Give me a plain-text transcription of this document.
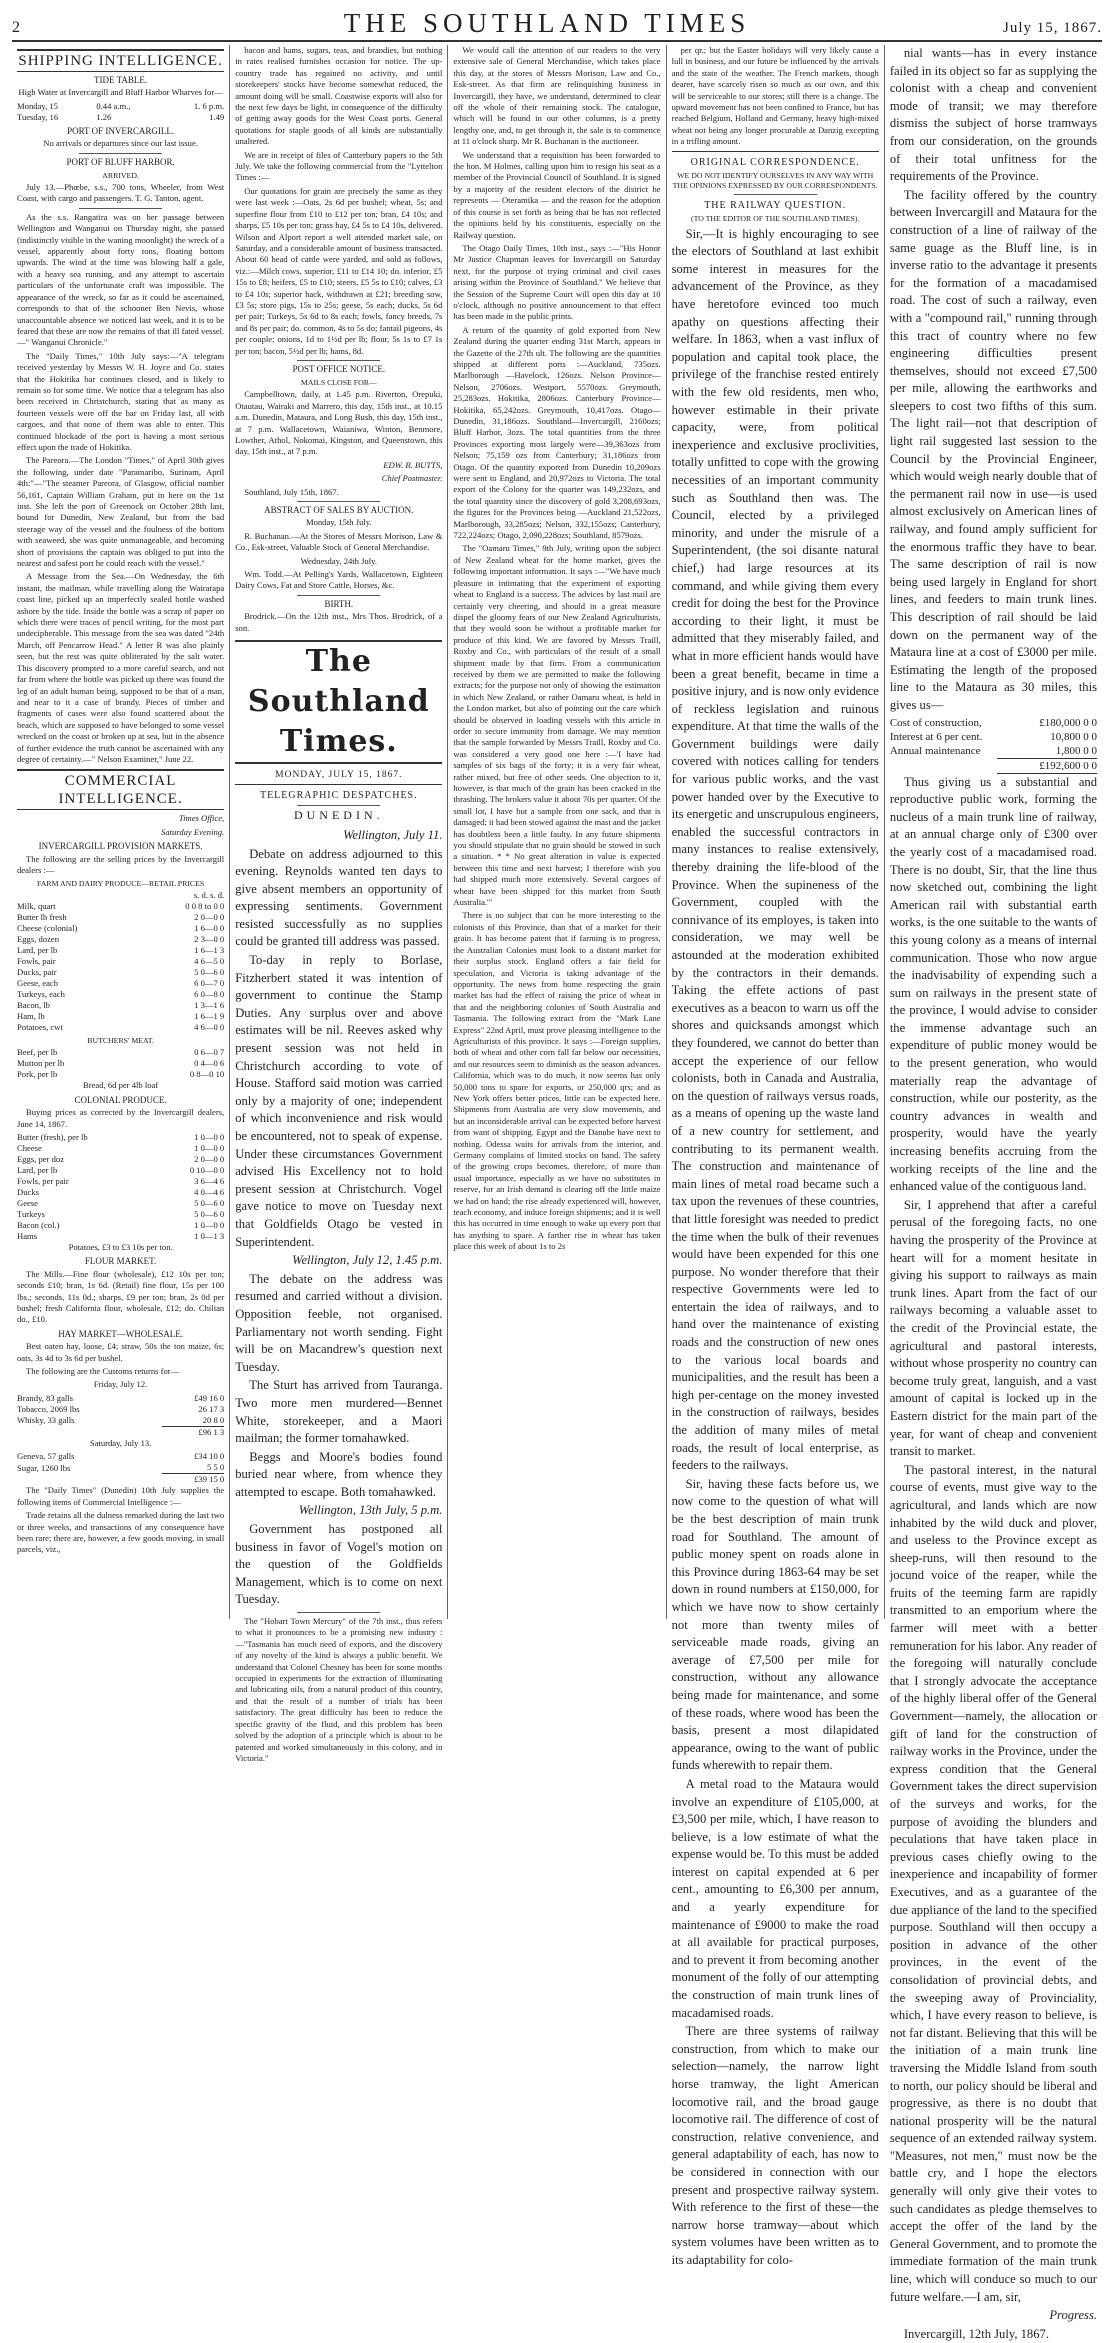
2	THE SOUTHLAND TIMES	July 15, 1867.
SHIPPING INTELLIGENCE.
TIDE TABLE.

High Water at Invercargill and Bluff Harbor Wharves for—

Monday, 15	0.44 a.m.,	1. 6 p.m.
Tuesday, 16	1.26	1.49
PORT OF INVERCARGILL.

No arrivals or departures since our last issue.

PORT OF BLUFF HARBOR.
ARRIVED.

July 13.—Phœbe, s.s., 700 tons, Wheeler, from West Coast, with cargo and passengers. T. G. Tanton, agent.

As the s.s. Rangatira was on her passage between Wellington and Wanganui on Thursday night, she passed (indistinctly visible in the waning moonlight) the wreck of a vessel, apparently about forty tons, floating bottom upwards. The wind at the time was blowing half a gale, with a heavy sea running, and any attempt to ascertain particulars of the unfortunate craft was impossible. The appearance of the wreck, so far as it could be ascertained, corresponds to that of the schooner Ben Nevis, whose unaccountable absence we noticed last week, and it is to be feared that these are now the remains of that ill fated vessel.—" Wanganui Chronicle."

The "Daily Times," 10th July says:—"A telegram received yesterday by Messrs W. H. Joyce and Co. states that the Hokitika bar continues closed, and is likely to remain so for some time. We notice that a telegram has also been received in Christchurch, stating that as many as fourteen vessels were off the bar on Friday last, all with cargoes, and that none of them was able to enter. This continued blockade of the port is having a most serious effect upon the trade of Hokitika.

The Pareora.—The London "Times," of April 30th gives the following, under date "Paramaribo, Surinam, April 4th:"—"The steamer Pareora, of Glasgow, official number 56,161, Captain William Graham, put in here on the 1st inst. She left the port of Greenock on October 28th last, bound for Dunedin, New Zealand, but from the bad steerage way of the vessel and the foulness of the bottom with seaweed, she was quite unmanageable, and becoming short of provisions the captain was obliged to put into the nearest and safest port he could reach with the vessel."

A Message from the Sea.—On Wednesday, the 6th instant, the mailman, while travelling along the Wairarapa coast line, picked up an imperfectly sealed bottle washed ashore by the tide. Inside the bottle was a scrap of paper on which there were traces of pencil writing, for the most part undecipherable. This message from the sea was dated "24th March, off Pencarrow Head." A letter R was also plainly seen, but the rest was quite obliterated by the salt water. This discovery prompted to a more careful search, and not far from where the bottle was picked up there was found the leg of an adult human being, supposed to be that of a man, and near to it a case of brandy. Pieces of timber and fragments of cases were also found scattered about the beach, which are supposed to have belonged to some vessel wrecked on the coast or broken up at sea, but in the absence of further evidence the truth cannot be ascertained with any degree of certainty.—" Nelson Examiner," June 22.

COMMERCIAL INTELLIGENCE.

Times Office,

Saturday Evening.

INVERCARGILL PROVISION MARKETS.

The following are the selling prices by the Invercargill dealers :—

FARM AND DAIRY PRODUCE—RETAIL PRICES
	s. d. s. d.
Milk, quart	0 0 8 to 0 0
Butter lb fresh	2 0—0 0
Cheese (colonial)	1 6—0 0
Eggs, dozen	2 3—0 0
Lard, per lb	1 6—1 3
Fowls, pair	4 6—5 0
Ducks, pair	5 0—6 0
Geese, each	6 0—7 0
Turkeys, each	6 0—8 0
Bacon, lb	1 3—1 6
Ham, lb	1 6—1 9
Potatoes, cwt	4 6—0 0
BUTCHERS' MEAT.
Beef, per lb	0 6—0 7
Mutton per lb	0 4—0 6
Pork, per lb	0 8—0 10

Bread, 6d per 4lb loaf

COLONIAL PRODUCE.

Buying prices as corrected by the Invercargill dealers, June 14, 1867.

Butter (fresh), per lb	1 0—0 0
Cheese	1 0—0 0
Eggs, per doz	2 0—0 0
Lard, per lb	0 10—0 0
Fowls, per pair	3 6—4 6
Ducks	4 0—4 6
Geese	5 0—6 0
Turkeys	5 0—6 0
Bacon (col.)	1 0—0 0
Hams	1 0—1 3

Potatoes, £3 to £3 10s per ton.

FLOUR MARKET.

The Mills.—Fine flour (wholesale), £12 10s per ton; seconds £10; bran, 1s 6d. (Retail) fine flour, 15s per 100 lbs.; seconds, 11s 0d.; sharps, £9 per ton; bran, 2s 0d per bushel; fresh California flour, wholesale, £12; do. Chilian do., £10.

HAY MARKET—WHOLESALE.

Best oaten hay, loose, £4; straw, 50s the ton maize, 6s; oats, 3s 4d to 3s 6d per bushel.

The following are the Customs returns for—

Friday, July 12.

Brandy, 83 galls	£49 16 0
Tobacco, 2069 lbs	26 17 3
Whisky, 33 galls	20 8 0
	£96 1 3

Saturday, July 13.

Geneva, 57 galls	£34 10 0
Sugar, 1260 lbs	5 5 0
	£39 15 0

The "Daily Times" (Dunedin) 10th July supplies the following items of Commercial Intelligence :—

Trade retains all the dulness remarked during the last two or three weeks, and transactions of any consequence have been rare; there are, however, a few goods moving, in small parcels, viz.,

bacon and hams, sugars, teas, and brandies, but nothing in rates realised furnishes occasion for notice. The up-country trade has regained no activity, and until storekeepers' stocks have become somewhat reduced, the amount doing will be small. Coastwise exports will also for the next few days be light, in consequence of the difficulty of getting away goods for the West Coast ports. General quotations for staple goods of all kinds are substantially unaltered.

We are in receipt of files of Canterbury papers to the 5th July. We take the following commercial from the "Lyttelton Times :—

Our quotations for grain are precisely the same as they were last week :—Oats, 2s 6d per bushel; wheat, 5s; and superfine flour from £10 to £12 per ton; bran, £4 10s; and sharps, £5 10s per ton; grass hay, £4 5s to £4 10s, delivered. Wilson and Alport report a well attended market sale, on Saturday, and a considerable amount of business transacted. About 60 head of cattle were yarded, and sold as follows, viz.:—Milch cows, superior, £11 to £14 10; do. inferior, £5 15s to £8; heifers, £5 to £10; steers, £5 5s to £10; calves, £3 to £4 10s; superior hack, withdrawn at £21; breeding sow, £3 5s; store pigs, 15s to 25s; geese, 5s each; ducks, 5s 6d per pair; Turkeys, 5s 6d to 8s each; fowls, fancy breeds, 7s and 8s per pair; do. common, 4s to 5s do; fantail pigeons, 4s per couple; onions, 1d to 1½d per lb; flour, 5s 1s to £7 1s per ton; bacon, 5½d per lb; hams, 8d.

POST OFFICE NOTICE.
MAILS CLOSE FOR—

Campbelltown, daily, at 1.45 p.m. Riverton, Orepuki, Otautau, Wairaki and Marrero, this day, 15th inst., at 10.15 a.m. Dunedin, Mataura, and Long Bush, this day, 15th inst., at 7 p.m. Wallacetown, Waianiwa, Winton, Benmore, Lowther, Athol, Nokomai, Kingston, and Queenstown, this day, 15th inst., at 7 p.m.

EDW. B. BUTTS,

Chief Postmaster.

Southland, July 15th, 1867.

ABSTRACT OF SALES BY AUCTION.

Monday, 15th July.

R. Buchanan.—At the Stores of Messrs Morison, Law & Co., Esk-street, Valuable Stock of General Merchandise.

Wednesday, 24th July.

Wm. Todd.—At Pelling's Yards, Wallacetown, Eighteen Dairy Cows, Fat and Store Cattle, Horses, &c.

BIRTH.

Brodrick.—On the 12th inst., Mrs Thos. Brodrick, of a son.

The Southland Times.
MONDAY, JULY 15, 1867.
TELEGRAPHIC DESPATCHES.
DUNEDIN.

Wellington, July 11.

Debate on address adjourned to this evening. Reynolds wanted ten days to give absent members an opportunity of expressing sentiments. Government resisted successfully as no supplies could be granted till address was passed.

To-day in reply to Borlase, Fitzherbert stated it was intention of government to continue the Stamp Duties. Any surplus over and above estimates will be nil. Reeves asked why present session was not held in Christchurch according to vote of House. Stafford said motion was carried only by a majority of one; independent of which inconvenience and risk would be encountered, not to speak of expense. Under these circumstances Government advised His Excellency not to hold present session at Christchurch. Vogel gave notice to move on Tuesday next that Goldfields Otago be vested in Superintendent.

Wellington, July 12, 1.45 p.m.

The debate on the address was resumed and carried without a division. Opposition feeble, not organised. Parliamentary not worth sending. Fight will be on Macandrew's question next Tuesday.

The Sturt has arrived from Tauranga. Two more men murdered—Bennet White, storekeeper, and a Maori mailman; the former tomahawked.

Beggs and Moore's bodies found buried near where, from whence they attempted to escape. Both tomahawked.

Wellington, 13th July, 5 p.m.

Government has postponed all business in favor of Vogel's motion on the question of the Goldfields Management, which is to come on next Tuesday.

The "Hobart Town Mercury" of the 7th inst., thus refers to what it pronounces to be a promising new industry :—"Tasmania has much need of exports, and the discovery of any novelty of the kind is always a public benefit. We understand that Colonel Chesney has been for some months occupied in experiments for the extraction of illuminating and lubricating oils, from a natural product of this country, and that the result of a number of trials has been satisfactory. The great difficulty has been to reduce the specific gravity of the fluid, and this problem has been solved by the adoption of a principle which is about to be patented and worked simultaneously in this colony, and in Victoria."

We would call the attention of our readers to the very extensive sale of General Merchandise, which takes place this day, at the stores of Messrs Morison, Law and Co., Esk-street. As that firm are relinquishing business in Invercargill, they have, we understand, determined to clear off the whole of their remaining stock. The catalogue, which will be found in our other columns, is a pretty lengthy one, and, to get through it, the sale is to commence at 11 o'clock sharp. Mr R. Buchanan is the auctioneer.

We understand that a requisition has been forwarded to the hon. M Holmes, calling upon him to resign his seat as a member of the Provincial Council of Southland. It is signed by a majority of the resident electors of the district he represents — Oteramika — and the reason for the adoption of this course is set forth as being that he has not reflected the opinions held by his constituents, especially on the Railway question.

The Otago Daily Times, 10th inst., says :—"His Honor Mr Justice Chapman leaves for Invercargill on Saturday next, for the purpose of trying criminal and civil cases arising within the Province of Southland." We believe that the Session of the Supreme Court will open this day at 10 o'clock, although no positive announcement to that effect has been made in the public prints.

A return of the quantity of gold exported from New Zealand during the quarter ending 31st March, appears in the Gazette of the 27th ult. The following are the quantities shipped at different ports :—Auckland, 735ozs. Marlborough —Havelock, 126ozs. Nelson Province—Nelson, 2706ozs. Westport, 5570ozs. Greymouth, 25,283ozs. Hokitika, 2806ozs. Canterbury Province—Hokitika, 65,242ozs. Greymouth, 10,417ozs. Otago—Dunedin, 31,186ozs. Southland—Invercargill, 2160ozs; Bluff Harbor, 3ozs. The total quantities from the three Provinces exporting most largely were—39,363ozs from Nelson; 75,159 ozs from Canterbury; 31,186ozs from Otago. Of the quantity exported from Dunedin 10,209ozs were sent to England, and 20,972ozs to Victoria. The total export of the Colony for the quarter was 149,232ozs, and the total quantity since the discovery of gold 3,208,693ozs, the figures for the Provinces being —Auckland 21,522ozs, Marlborough, 33,285ozs; Nelson, 332,155ozs; Canterbury, 722,224ozs; Otago, 2,090,228ozs; Southland, 8579ozs.

The "Oamaru Times," 9th July, writing upon the subject of New Zealand wheat for the home market, gives the following important information. It says :—"We have much pleasure in intimating that the experiment of exporting wheat to England is a success. The advices by last mail are certainly very cheering, and should in a great measure dispel the gloomy fears of our New Zealand Agriculturists, that they would soon be without a profitable market for produce of this kind. We are favored by Messrs Traill, Roxby and Co., with particulars of the result of a small shipment made by that firm. From a communication received by them we are permitted to make the following extracts; for the purpose not only of showing the estimation in which New Zealand, or rather Oamaru wheat, is held in the London market, but also of pointing out the care which should be observed in loading vessels with this article in order to secure immunity from damage. We may mention that the sample forwarded by Messrs Traill, Roxby and Co. was considered a very good one here :—'I have had samples of six bags of the forty; it is a very fair wheat, rather mixed, but free of other seeds. One objection to it, however, is that much of the grain has been cracked in the thrashing. The brokers value it about 70s per quarter. Of the small lot, I have but a sample from one sack, and that is damaged; it had been stowed against the mast and the jacket has doubtless been a little faulty. In any future shipments you should stipulate that no grain should be stowed in such a situation. * * No great alteration in value is expected between this time and next harvest; I therefore wish you had shipped much more extensively. Several cargoes of wheat have been shipped for this market from South Australia.'"

There is no subject that can be more interesting to the colonists of this Province, than that of a market for their grain. It has become patent that if farming is to progress, the Australian Colonies must look to a distant market for their surplus stock. England offers a fair field for speculation, and Victoria is taking advantage of the opportunity. The news from home respecting the grain market has had the effect of raising the price of wheat in that and the neighboring colonies of South Australia and Tasmania. The following extract from the "Mark Lane Express" 22nd April, must prove pleasing intelligence to the Agriculturists of this province. It says :—Foreign supplies, both of wheat and other corn fall far below our necessities, and our resources seem to diminish as the season advances. California, which was to do much, it now seems has only 50,000 tons to spare for exports, or 250,000 qrs; and as New York offers better prices, little can be expected here. Shipments from Australia are very slow movements, and but an inconsiderable arrival can be expected before harvest from want of shipping. Egypt and the Danube have next to nothing. Odessa waits for arrivals from the interior, and Germany complains of limited stocks on hand. The safety of the growing crops becomes, therefore, of more than usual importance, especially as we have no substitutes in reserve, for an Irish demand is clearing off the little maize we had on hand; the rise already experienced will, however, teach economy, and induce foreign shipments; and it is well this has occurred in time enough to wake up every port that has anything to spare. A farther rise in wheat has taken place this week of about 1s to 2s

per qr.; but the Easter holidays will very likely cause a lull in business, and our future be influenced by the arrivals and the state of the weather. The French markets, though dearer, have scarcely risen so much as our own, and this will be serviceable to our stores; still there is a change. The upward movement has not been confined to France, but has reached Belgium, Holland and Germany, heavy high-mixed wheat not being any longer procurable at Danzig excepting in a trifling amount.

ORIGINAL CORRESPONDENCE.

WE DO NOT IDENTIFY OURSELVES IN ANY WAY WITH THE OPINIONS EXPRESSED BY OUR CORRESPONDENTS.

THE RAILWAY QUESTION.

(TO THE EDITOR OF THE SOUTHLAND TIMES).

Sir,—It is highly encouraging to see the electors of Southland at last exhibit some interest in measures for the advancement of the Province, as they have heretofore evinced too much apathy on questions affecting their welfare. In 1863, when a vast influx of population and capital took place, the privilege of the franchise rested entirely with the few old residents, men who, however estimable in their private capacity, were, from political inexperience and exclusive proclivities, totally unfitted to cope with the growing necessities of an important community such as Southland then was. The Council, elected by a privileged minority, and under the misrule of a Superintendent, (the soi disante natural chief,) had large resources at its command, and while giving them every credit for doing the best for the Province according to their light, it must be admitted that they miserably failed, and what in more efficient hands would have been a great benefit, became in time a positive injury, and is now only evidence of reckless legislation and ruinous expenditure. At that time the walls of the Government buildings were daily covered with notices calling for tenders for various public works, and the vast power handed over by the Executive to its energetic and unscrupulous engineers, enabled the successful contractors in many instances to realise extensively, thereby draining the life-blood of the Province. When the supineness of the Government, coupled with the connivance of its employes, is taken into consideration, we may well be astounded at the moderation exhibited by the contractors in their demands. Taking the effete actions of past executives as a beacon to warn us off the shores and quicksands amongst which they foundered, we cannot do better than accept the experience of our fellow colonists, both in Canada and Australia, on the question of railways versus roads, as a means of opening up the waste land of a new country for settlement, and contributing to its permanent wealth. The construction and maintenance of main lines of metal road became such a tax upon the revenues of these countries, that little foresight was needed to predict the time when the bulk of their revenues would have been expended for this one purpose. No wonder therefore that their respective Governments were led to entertain the idea of railways, and to hand over the maintenance of existing roads and the construction of new ones to the various local boards and municipalities, and the result has been a high per-centage on the money invested in the construction of railways, besides the addition of many miles of metal roads, the result of local enterprise, as feeders to the railways.

Sir, having these facts before us, we now come to the question of what will be the best description of main trunk road for Southland. The amount of public money spent on roads alone in this Province during 1863-64 may be set down in round numbers at £150,000, for which we have now to show certainly not more than twenty miles of serviceable made roads, giving an average of £7,500 per mile for construction, without any allowance being made for maintenance, and some of these roads, where wood has been the basis, present a most dilapidated appearance, owing to the want of public funds wherewith to repair them.

A metal road to the Mataura would involve an expenditure of £105,000, at £3,500 per mile, which, I have reason to believe, is a low estimate of what the expense would be. To this must be added interest on capital expended at 6 per cent., amounting to £6,300 per annum, and a yearly expenditure for maintenance of £9000 to make the road at all available for practical purposes, and to prevent it from becoming another monument of the folly of our attempting the construction of main trunk lines of macadamised roads.

There are three systems of railway construction, from which to make our selection—namely, the narrow light horse tramway, the light American locomotive rail, and the broad gauge locomotive rail. The difference of cost of construction, relative convenience, and general adaptability of each, has now to be considered in connection with our present and prospective railway system. With reference to the first of these—the narrow horse tramway—about which system volumes have been written as to its adaptability for colo-

nial wants—has in every instance failed in its object so far as supplying the colonist with a cheap and convenient mode of transit; we may therefore dismiss the subject of horse tramways from our consideration, on the grounds of their total unfitness for the requirements of the Province.

The facility offered by the country between Invercargill and Mataura for the construction of a line of railway of the same guage as the Bluff line, is in inverse ratio to the advantage it presents for the formation of a macadamised road. The cost of such a railway, even with a "compound rail," running through this tract of country where no few engineering difficulties present themselves, should not exceed £7,500 per mile, allowing the earthworks and sleepers to cost two fifths of this sum. The light rail—not that description of light rail suggested last session to the Council by the Provincial Engineer, which would weigh nearly double that of the permanent rail now in use—is used almost exclusively on American lines of railway, and found amply sufficient for the enormous traffic they have to bear. The same description of rail is now being used largely in England for short lines, and feeders to main trunk lines. This description of rail should be laid down on the permanent way of the Mataura line at a cost of £3000 per mile. Estimating the length of the proposed line to the Mataura as 30 miles, this gives us—

Cost of construction,	£180,000 0 0
Interest at 6 per cent.	10,800 0 0
Annual maintenance	1,800 0 0
	£192,600 0 0

Thus giving us a substantial and reproductive public work, forming the nucleus of a main trunk line of railway, at an annual charge only of £300 over the yearly cost of a macadamised road. There is no doubt, Sir, that the line thus now sketched out, combining the light American rail with substantial earth works, is the one suitable to the wants of this young colony as a means of internal communication. Those who now argue the inadvisability of expending such a sum on railways in the present state of the province, I would advise to consider the immense advantage such an expenditure of public money would be to the present generation, who would materially reap the advantage of construction, while our posterity, as the country advances in wealth and prosperity, would have the yearly increasing benefits accruing from the working receipts of the line and the enhanced value of the contiguous land.

Sir, I apprehend that after a careful perusal of the foregoing facts, no one having the prosperity of the Province at heart will for a moment hesitate in giving his support to railways as main trunk lines. Apart from the fact of our railways becoming a valuable asset to the credit of the Provincial estate, the agricultural and pastoral interests, without whose prosperity no country can become truly great, languish, and a vast amount of capital is locked up in the Eastern district for the main part of the year, for want of cheap and convenient transit to market.

The pastoral interest, in the natural course of events, must give way to the agricultural, and lands which are now inhabited by the wild duck and plover, and useless to the Province except as sheep-runs, will then resound to the jocund voice of the reaper, while the fruits of the teeming farm are rapidly transmitted to an emporium where the farmer will meet with a better remuneration for his labor. Any reader of the foregoing will naturally conclude that I strongly advocate the acceptance of the highly liberal offer of the General Government—namely, the allocation or gift of land for the construction of railway works in the Province, under the express condition that the General Government takes the direct supervision of the surveys and works, for the purpose of avoiding the blunders and peculations that have taken place in previous cases chiefly owing to the inexperience and incapability of former Executives, and as a guarantee of the due appliance of the land to the specified purpose. Southland will then occupy a position in advance of the other provinces, in the event of the consolidation of provincial debts, and the sweeping away of Provinciality, which, I have every reason to believe, is not far distant. Believing that this will be the initiation of a main trunk line traversing the Middle Island from south to north, our policy should be liberal and progressive, as there is no doubt that national prosperity will be the natural sequence of an extended railway system. "Measures, not men," must now be the battle cry, and I hope the electors generally will only give their votes to such candidates as pledge themselves to accept the offer of the land by the General Government, and to promote the immediate formation of the main trunk line, which will conduce so much to our future welfare.—I am, sir,

Progress.

Invercargill, 12th July, 1867.
